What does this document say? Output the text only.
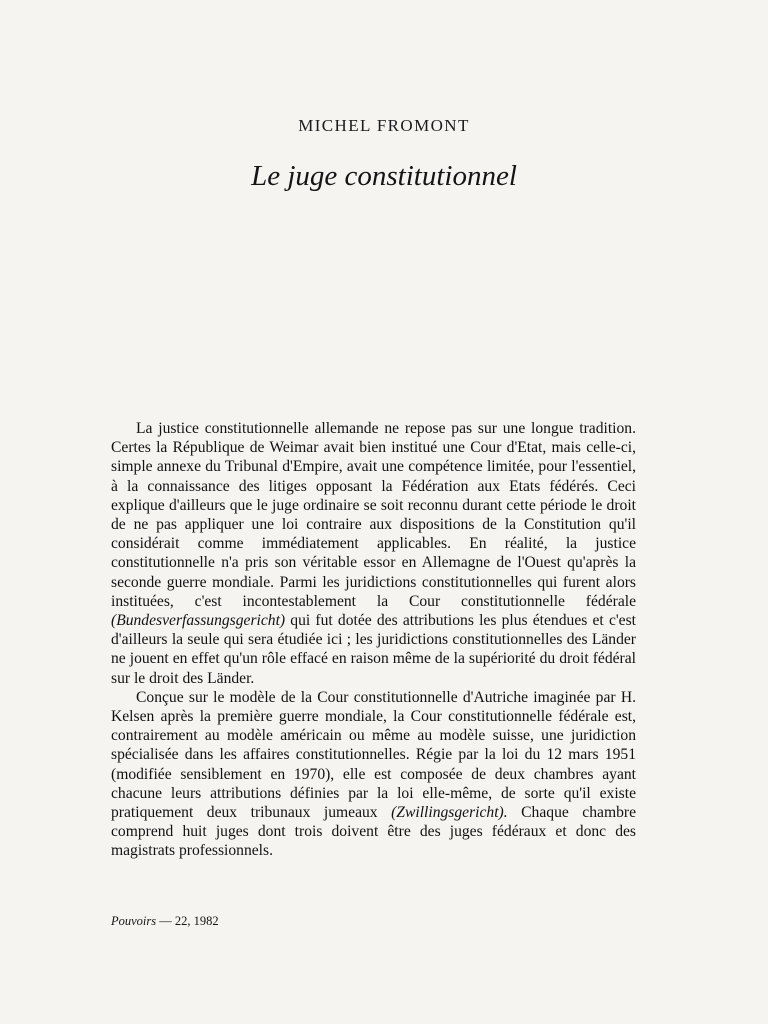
MICHEL FROMONT
Le juge constitutionnel

La justice constitutionnelle allemande ne repose pas sur une longue tradition. Certes la République de Weimar avait bien institué une Cour d'Etat, mais celle-ci, simple annexe du Tribunal d'Empire, avait une compétence limitée, pour l'essentiel, à la connaissance des litiges opposant la Fédération aux Etats fédérés. Ceci explique d'ailleurs que le juge ordinaire se soit reconnu durant cette période le droit de ne pas appliquer une loi contraire aux dispositions de la Constitution qu'il considérait comme immédiatement applicables. En réalité, la justice constitutionnelle n'a pris son véritable essor en Allemagne de l'Ouest qu'après la seconde guerre mondiale. Parmi les juridictions constitutionnelles qui furent alors instituées, c'est incontestablement la Cour constitutionnelle fédérale (Bundesverfassungsgericht) qui fut dotée des attributions les plus étendues et c'est d'ailleurs la seule qui sera étudiée ici ; les juridictions constitutionnelles des Länder ne jouent en effet qu'un rôle effacé en raison même de la supériorité du droit fédéral sur le droit des Länder.

Conçue sur le modèle de la Cour constitutionnelle d'Autriche imaginée par H. Kelsen après la première guerre mondiale, la Cour constitutionnelle fédérale est, contrairement au modèle américain ou même au modèle suisse, une juridiction spécialisée dans les affaires constitutionnelles. Régie par la loi du 12 mars 1951 (modifiée sensiblement en 1970), elle est composée de deux chambres ayant chacune leurs attributions définies par la loi elle-même, de sorte qu'il existe pratiquement deux tribunaux jumeaux (Zwillingsgericht). Chaque chambre comprend huit juges dont trois doivent être des juges fédéraux et donc des magistrats professionnels.

Pouvoirs — 22, 1982
